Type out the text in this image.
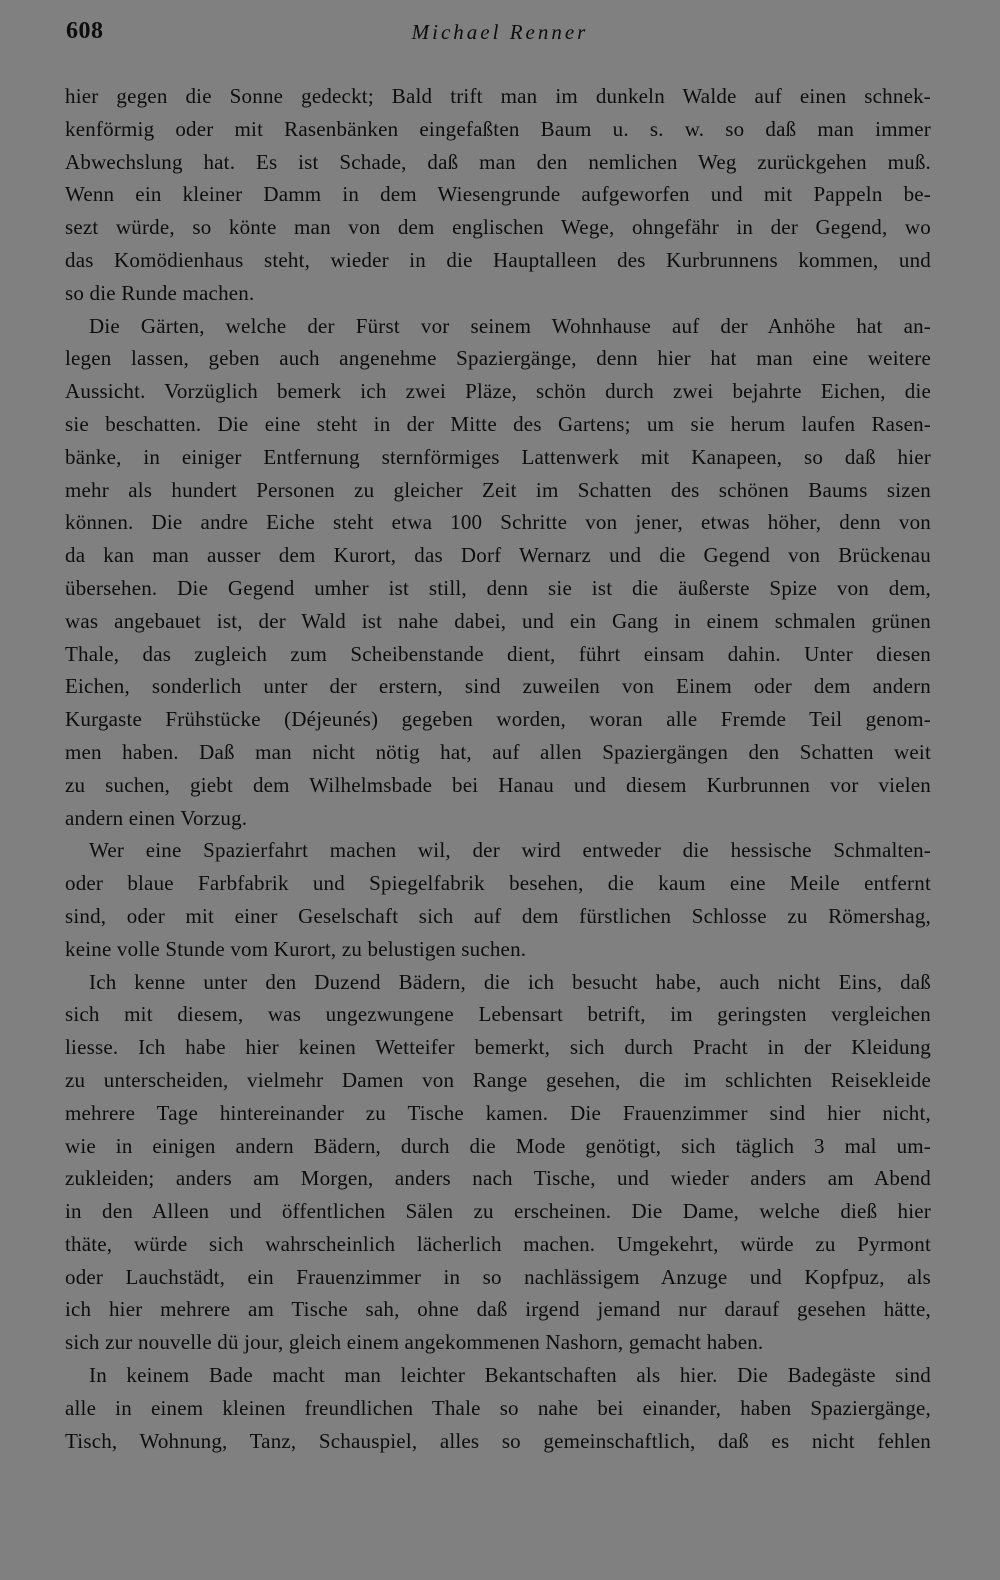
608	Michael Renner
hier gegen die Sonne gedeckt; Bald trift man im dunkeln Walde auf einen schnek-
kenförmig oder mit Rasenbänken eingefaßten Baum u. s. w. so daß man immer
Abwechslung hat. Es ist Schade, daß man den nemlichen Weg zurückgehen muß.
Wenn ein kleiner Damm in dem Wiesengrunde aufgeworfen und mit Pappeln be-
sezt würde, so könte man von dem englischen Wege, ohngefähr in der Gegend, wo
das Komödienhaus steht, wieder in die Hauptalleen des Kurbrunnens kommen, und
so die Runde machen.
Die Gärten, welche der Fürst vor seinem Wohnhause auf der Anhöhe hat an-
legen lassen, geben auch angenehme Spaziergänge, denn hier hat man eine weitere
Aussicht. Vorzüglich bemerk ich zwei Pläze, schön durch zwei bejahrte Eichen, die
sie beschatten. Die eine steht in der Mitte des Gartens; um sie herum laufen Rasen-
bänke, in einiger Entfernung sternförmiges Lattenwerk mit Kanapeen, so daß hier
mehr als hundert Personen zu gleicher Zeit im Schatten des schönen Baums sizen
können. Die andre Eiche steht etwa 100 Schritte von jener, etwas höher, denn von
da kan man ausser dem Kurort, das Dorf Wernarz und die Gegend von Brückenau
übersehen. Die Gegend umher ist still, denn sie ist die äußerste Spize von dem,
was angebauet ist, der Wald ist nahe dabei, und ein Gang in einem schmalen grünen
Thale, das zugleich zum Scheibenstande dient, führt einsam dahin. Unter diesen
Eichen, sonderlich unter der erstern, sind zuweilen von Einem oder dem andern
Kurgaste Frühstücke (Déjeunés) gegeben worden, woran alle Fremde Teil genom-
men haben. Daß man nicht nötig hat, auf allen Spaziergängen den Schatten weit
zu suchen, giebt dem Wilhelmsbade bei Hanau und diesem Kurbrunnen vor vielen
andern einen Vorzug.
Wer eine Spazierfahrt machen wil, der wird entweder die hessische Schmalten-
oder blaue Farbfabrik und Spiegelfabrik besehen, die kaum eine Meile entfernt
sind, oder mit einer Geselschaft sich auf dem fürstlichen Schlosse zu Römershag,
keine volle Stunde vom Kurort, zu belustigen suchen.
Ich kenne unter den Duzend Bädern, die ich besucht habe, auch nicht Eins, daß
sich mit diesem, was ungezwungene Lebensart betrift, im geringsten vergleichen
liesse. Ich habe hier keinen Wetteifer bemerkt, sich durch Pracht in der Kleidung
zu unterscheiden, vielmehr Damen von Range gesehen, die im schlichten Reisekleide
mehrere Tage hintereinander zu Tische kamen. Die Frauenzimmer sind hier nicht,
wie in einigen andern Bädern, durch die Mode genötigt, sich täglich 3 mal um-
zukleiden; anders am Morgen, anders nach Tische, und wieder anders am Abend
in den Alleen und öffentlichen Sälen zu erscheinen. Die Dame, welche dieß hier
thäte, würde sich wahrscheinlich lächerlich machen. Umgekehrt, würde zu Pyrmont
oder Lauchstädt, ein Frauenzimmer in so nachlässigem Anzuge und Kopfpuz, als
ich hier mehrere am Tische sah, ohne daß irgend jemand nur darauf gesehen hätte,
sich zur nouvelle dü jour, gleich einem angekommenen Nashorn, gemacht haben.
In keinem Bade macht man leichter Bekantschaften als hier. Die Badegäste sind
alle in einem kleinen freundlichen Thale so nahe bei einander, haben Spaziergänge,
Tisch, Wohnung, Tanz, Schauspiel, alles so gemeinschaftlich, daß es nicht fehlen
